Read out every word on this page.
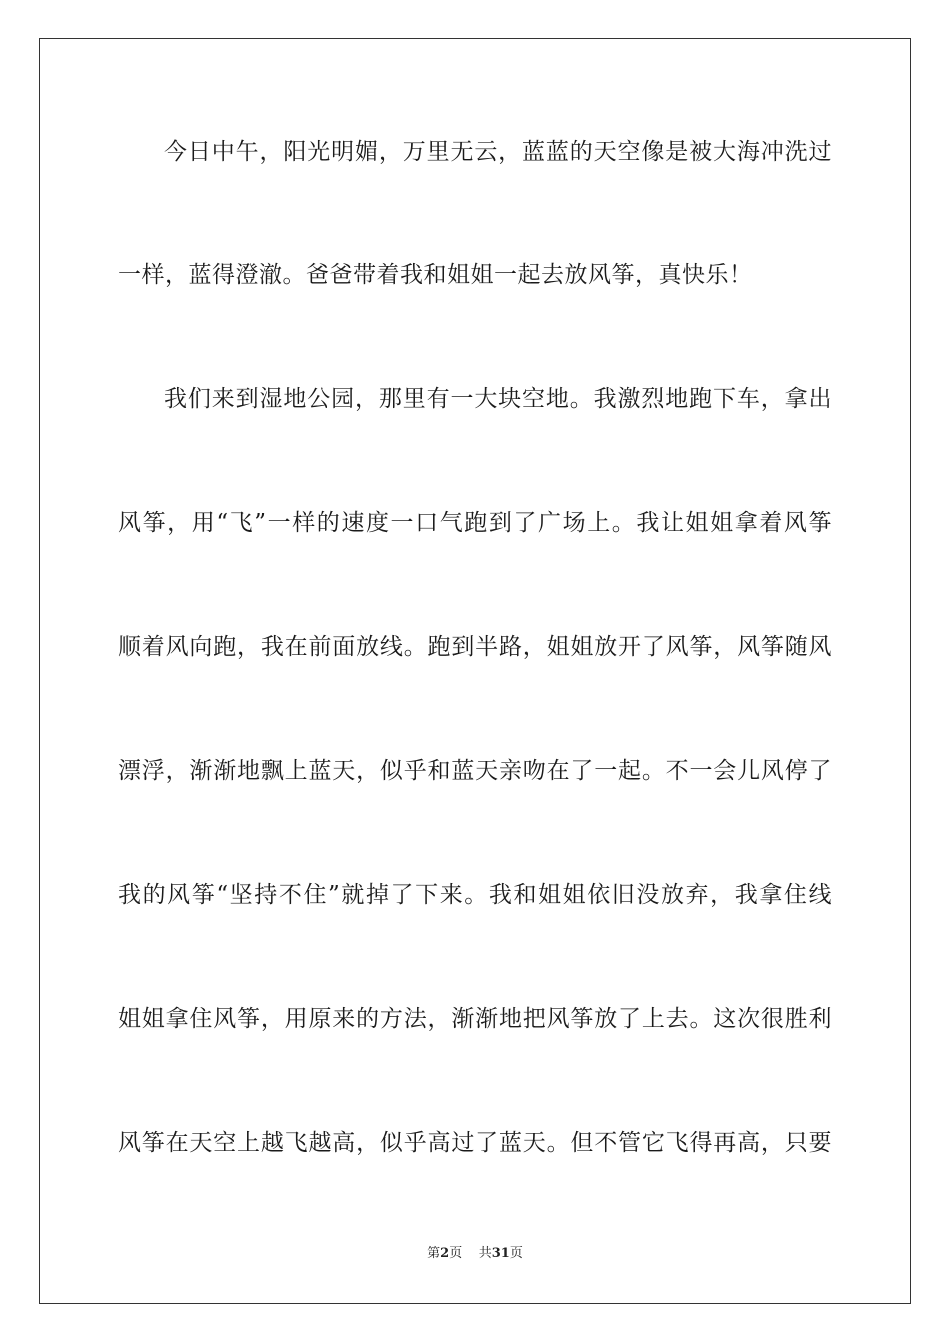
今日中午，阳光明媚，万里无云，蓝蓝的天空像是被大海冲洗过
一样，蓝得澄澈。爸爸带着我和姐姐一起去放风筝，真快乐！
我们来到湿地公园，那里有一大块空地。我激烈地跑下车，拿出
风筝，用“飞”一样的速度一口气跑到了广场上。我让姐姐拿着风筝
顺着风向跑，我在前面放线。跑到半路，姐姐放开了风筝，风筝随风
漂浮，渐渐地飘上蓝天，似乎和蓝天亲吻在了一起。不一会儿风停了
我的风筝“坚持不住”就掉了下来。我和姐姐依旧没放弃，我拿住线
姐姐拿住风筝，用原来的方法，渐渐地把风筝放了上去。这次很胜利
风筝在天空上越飞越高，似乎高过了蓝天。但不管它飞得再高，只要
第2页 共31页
